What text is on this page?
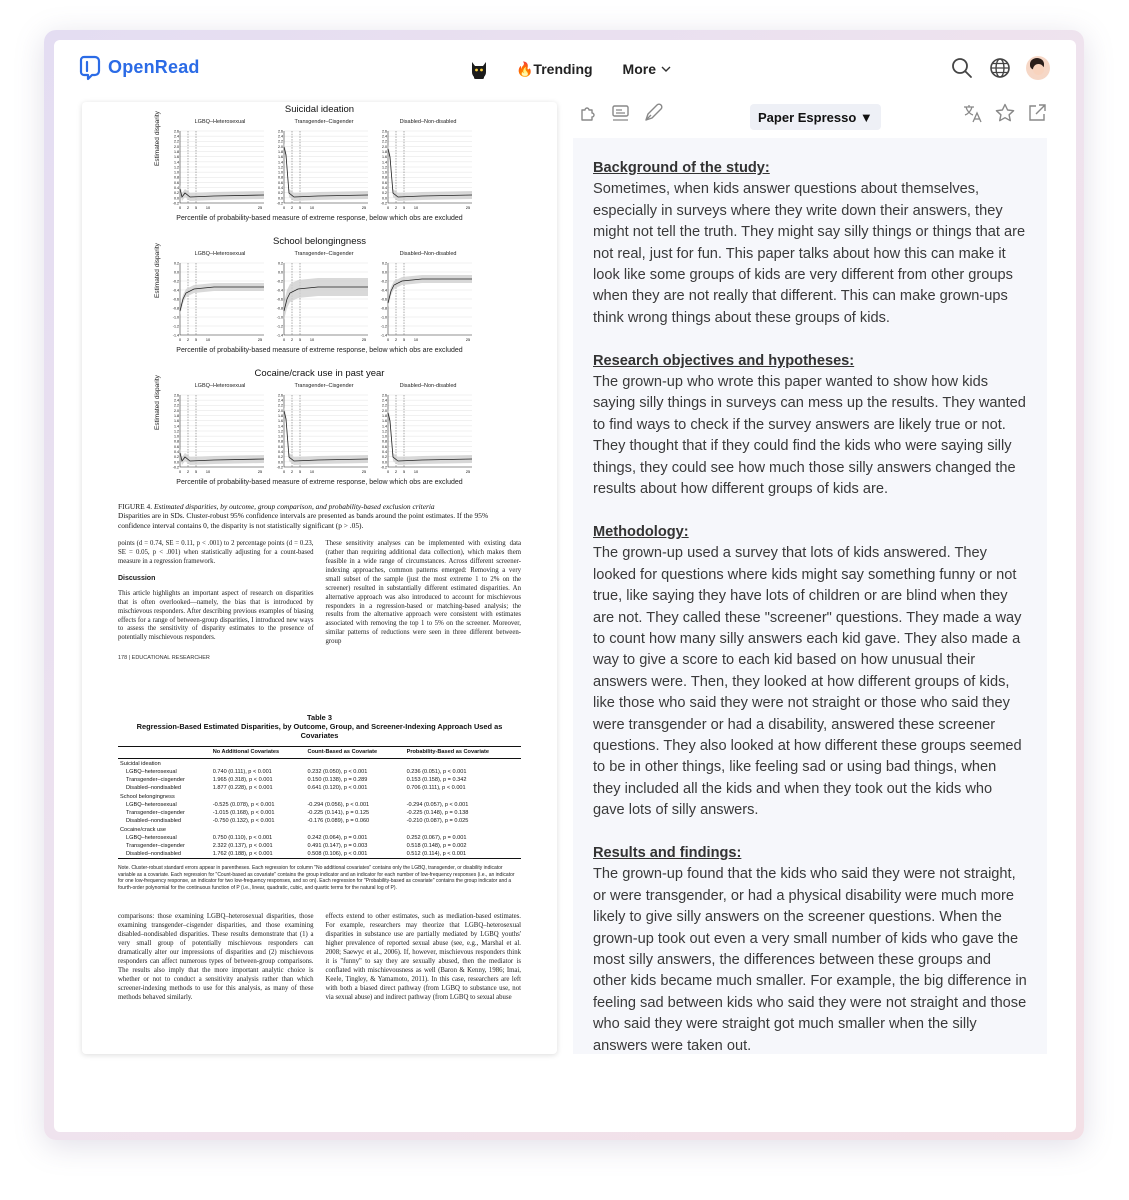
OpenRead	🔥Trending More
Suicidal ideation
Estimated disparity	LGBQ–Heterosexual
2.6
2.4
2.2
2.0
1.8
1.6
1.4
1.2
1.0
0.8
0.6
0.4
0.2
0.0
-0.2
0 2 5 10	25
Transgender–Cisgender
2.6
2.4
2.2
2.0
1.8
1.6
1.4
1.2
1.0
0.8
0.6
0.4
0.2
0.0
-0.2
0 2 5 10	25
Disabled–Non-disabled
2.6
2.4
2.2
2.0
1.8
1.6
1.4
1.2
1.0
0.8
0.6
0.4
0.2
0.0
-0.2
0 2 5 10	25
Percentile of probability-based measure of extreme response, below which obs are excluded
School belongingness
Estimated disparity	LGBQ–Heterosexual
0.2
0.0
-0.2
-0.4
-0.6
-0.8
-1.0
-1.2
-1.4
0 2 5 10	25
Transgender–Cisgender
0.2
0.0
-0.2
-0.4
-0.6
-0.8
-1.0
-1.2
-1.4
0 2 5 10	25
Disabled–Non-disabled
0.2
0.0
-0.2
-0.4
-0.6
-0.8
-1.0
-1.2
-1.4
0 2 5 10	25
Percentile of probability-based measure of extreme response, below which obs are excluded
Cocaine/crack use in past year
Estimated disparity	LGBQ–Heterosexual
2.6
2.4
2.2
2.0
1.8
1.6
1.4
1.2
1.0
0.8
0.6
0.4
0.2
0.0
-0.2
0 2 5 10	25
Transgender–Cisgender
2.6
2.4
2.2
2.0
1.8
1.6
1.4
1.2
1.0
0.8
0.6
0.4
0.2
0.0
-0.2
0 2 5 10	25
Disabled–Non-disabled
2.6
2.4
2.2
2.0
1.8
1.6
1.4
1.2
1.0
0.8
0.6
0.4
0.2
0.0
-0.2
0 2 5 10	25
Percentile of probability-based measure of extreme response, below which obs are excluded
FIGURE 4. Estimated disparities, by outcome, group comparison, and probability-based exclusion criteria
Disparities are in SDs. Cluster-robust 95% confidence intervals are presented as bands around the point estimates. If the 95% confidence interval contains 0, the disparity is not statistically significant (p > .05).
points (d = 0.74, SE = 0.11, p < .001) to 2 percentage points (d = 0.23, SE = 0.05, p < .001) when statistically adjusting for a count-based measure in a regression framework.
Discussion
This article highlights an important aspect of research on disparities that is often overlooked—namely, the bias that is introduced by mischievous responders. After describing previous examples of biasing effects for a range of between-group disparities, I introduced new ways to assess the sensitivity of disparity estimates to the presence of potentially mischievous responders.
These sensitivity analyses can be implemented with existing data (rather than requiring additional data collection), which makes them feasible in a wide range of circumstances. Across different screener-indexing approaches, common patterns emerged: Removing a very small subset of the sample (just the most extreme 1 to 2% on the screener) resulted in substantially different estimated disparities. An alternative approach was also introduced to account for mischievous responders in a regression-based or matching-based analysis; the results from the alternative approach were consistent with estimates associated with removing the top 1 to 5% on the screener. Moreover, similar patterns of reductions were seen in three different between-group
178 | EDUCATIONAL RESEARCHER
Table 3
Regression-Based Estimated Disparities, by Outcome, Group, and Screener-Indexing Approach Used as Covariates
	No Additional Covariates	Count-Based as Covariate	Probability-Based as Covariate
Suicidal ideation			
LGBQ–heterosexual	0.740 (0.111), p < 0.001	0.232 (0.050), p < 0.001	0.236 (0.051), p < 0.001
Transgender–cisgender	1.965 (0.318), p < 0.001	0.150 (0.138), p = 0.289	0.153 (0.158), p = 0.342
Disabled–nondisabled	1.877 (0.228), p < 0.001	0.641 (0.120), p < 0.001	0.706 (0.111), p < 0.001
School belongingness			
LGBQ–heterosexual	-0.525 (0.078), p < 0.001	-0.294 (0.056), p < 0.001	-0.294 (0.057), p < 0.001
Transgender–cisgender	-1.015 (0.168), p < 0.001	-0.225 (0.141), p = 0.125	-0.225 (0.148), p = 0.138
Disabled–nondisabled	-0.750 (0.132), p < 0.001	-0.176 (0.089), p = 0.060	-0.210 (0.087), p = 0.025
Cocaine/crack use			
LGBQ–heterosexual	0.750 (0.110), p < 0.001	0.242 (0.064), p = 0.001	0.252 (0.067), p = 0.001
Transgender–cisgender	2.322 (0.137), p < 0.001	0.491 (0.147), p = 0.003	0.518 (0.148), p = 0.002
Disabled–nondisabled	1.762 (0.188), p < 0.001	0.508 (0.106), p < 0.001	0.512 (0.114), p < 0.001
Note. Cluster-robust standard errors appear in parentheses. Each regression for column "No additional covariates" contains only the LGBQ, transgender, or disability indicator variable as a covariate. Each regression for "Count-based as covariate" contains the group indicator and an indicator for each number of low-frequency responses (i.e., an indicator for one low-frequency response, an indicator for two low-frequency responses, and so on). Each regression for "Probability-based as covariate" contains the group indicator and a fourth-order polynomial for the continuous function of P (i.e., linear, quadratic, cubic, and quartic terms for the natural log of P).
comparisons: those examining LGBQ–heterosexual disparities, those examining transgender–cisgender disparities, and those examining disabled–nondisabled disparities. These results demonstrate that (1) a very small group of potentially mischievous responders can dramatically alter our impressions of disparities and (2) mischievous responders can affect numerous types of between-group comparisons. The results also imply that the more important analytic choice is whether or not to conduct a sensitivity analysis rather than which screener-indexing methods to use for this analysis, as many of these methods behaved similarly.
effects extend to other estimates, such as mediation-based estimates. For example, researchers may theorize that LGBQ–heterosexual disparities in substance use are partially mediated by LGBQ youths' higher prevalence of reported sexual abuse (see, e.g., Marshal et al. 2008; Saewyc et al., 2006). If, however, mischievous responders think it is "funny" to say they are sexually abused, then the mediator is conflated with mischievousness as well (Baron & Kenny, 1986; Imai, Keele, Tingley, & Yamamoto, 2011). In this case, researchers are left with both a biased direct pathway (from LGBQ to substance use, not via sexual abuse) and indirect pathway (from LGBQ to sexual abuse
Paper Espresso ▼
Background of the study:
Sometimes, when kids answer questions about themselves, especially in surveys where they write down their answers, they might not tell the truth. They might say silly things or things that are not real, just for fun. This paper talks about how this can make it look like some groups of kids are very different from other groups when they are not really that different. This can make grown-ups think wrong things about these groups of kids.
Research objectives and hypotheses:
The grown-up who wrote this paper wanted to show how kids saying silly things in surveys can mess up the results. They wanted to find ways to check if the survey answers are likely true or not. They thought that if they could find the kids who were saying silly things, they could see how much those silly answers changed the results about how different groups of kids are.
Methodology:
The grown-up used a survey that lots of kids answered. They looked for questions where kids might say something funny or not true, like saying they have lots of children or are blind when they are not. They called these "screener" questions. They made a way to count how many silly answers each kid gave. They also made a way to give a score to each kid based on how unusual their answers were. Then, they looked at how different groups of kids, like those who said they were not straight or those who said they were transgender or had a disability, answered these screener questions. They also looked at how different these groups seemed to be in other things, like feeling sad or using bad things, when they included all the kids and when they took out the kids who gave lots of silly answers.
Results and findings:
The grown-up found that the kids who said they were not straight, or were transgender, or had a physical disability were much more likely to give silly answers on the screener questions. When the grown-up took out even a very small number of kids who gave the most silly answers, the differences between these groups and other kids became much smaller. For example, the big difference in feeling sad between kids who said they were not straight and those who said they were straight got much smaller when the silly answers were taken out.
